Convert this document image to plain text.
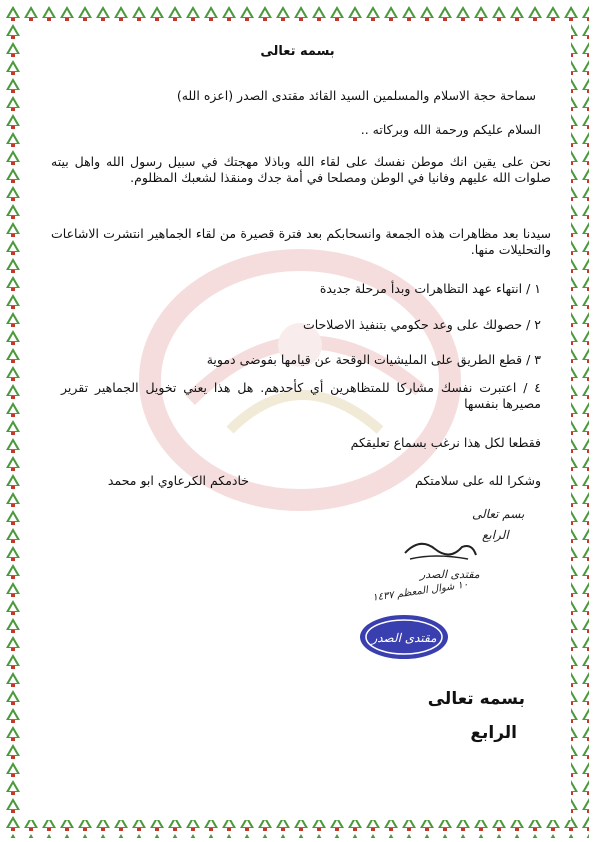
بسمه تعالى
سماحة حجة الاسلام والمسلمين السيد القائد مقتدى الصدر (اعزه الله)
السلام عليكم ورحمة الله وبركاته ..
نحن على يقين انك موطن نفسك على لقاء الله وباذلا مهجتك في سبيل رسول الله واهل بيته صلوات الله عليهم وفانيا في الوطن ومصلحا في أمة جدك ومنقذا لشعبك المظلوم.
سيدنا بعد مظاهرات هذه الجمعة وانسحابكم بعد فترة قصيرة من لقاء الجماهير انتشرت الاشاعات والتحليلات منها.
١ / انتهاء عهد التظاهرات وبدأ مرحلة جديدة
٢ / حصولك على وعد حكومي بتنفيذ الاصلاحات
٣ / قطع الطريق على المليشيات الوقحة عن قيامها بفوضى دموية
٤ / اعتبرت نفسك مشاركا للمتظاهرين أي كأحدهم. هل هذا يعني تخويل الجماهير تقرير مصيرها بنفسها
فقطعا لكل هذا نرغب بسماع تعليقكم
وشكرا لله على سلامتكم
خادمكم الكرعاوي ابو محمد
بسم تعالى
الرابع
مقتدى الصدر
١٠ شوال المعظم ١٤٣٧
مقتدى الصدر
بسمه تعالى
الرابع
